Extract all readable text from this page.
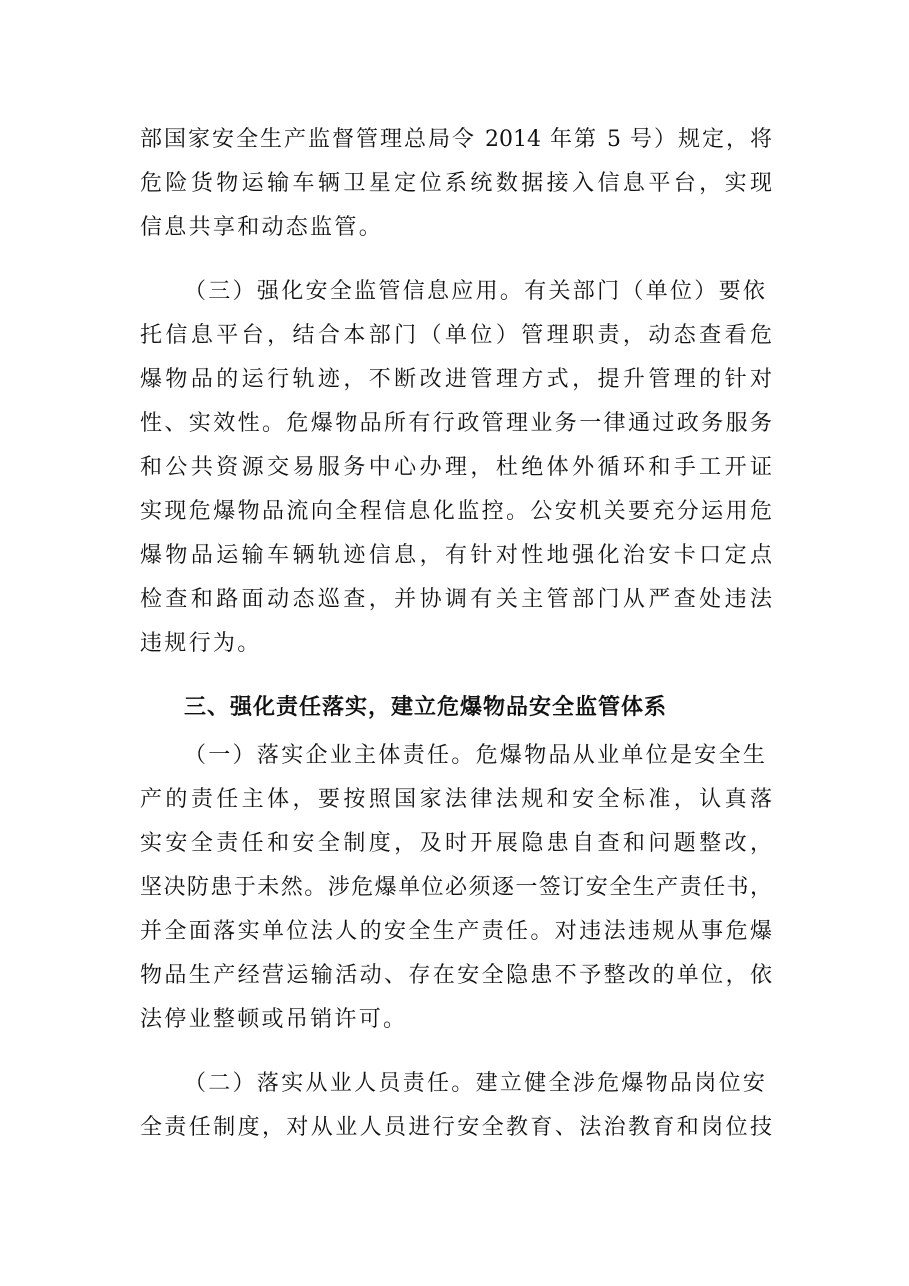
部国家安全生产监督管理总局令 2014 年第 5 号）规定，将
危险货物运输车辆卫星定位系统数据接入信息平台，实现
信息共享和动态监管。
（三）强化安全监管信息应用。有关部门（单位）要依
托信息平台，结合本部门（单位）管理职责，动态查看危
爆物品的运行轨迹，不断改进管理方式，提升管理的针对
性、实效性。危爆物品所有行政管理业务一律通过政务服务
和公共资源交易服务中心办理，杜绝体外循环和手工开证
实现危爆物品流向全程信息化监控。公安机关要充分运用危
爆物品运输车辆轨迹信息，有针对性地强化治安卡口定点
检查和路面动态巡查，并协调有关主管部门从严查处违法
违规行为。
三、强化责任落实，建立危爆物品安全监管体系
（一）落实企业主体责任。危爆物品从业单位是安全生
产的责任主体，要按照国家法律法规和安全标准，认真落
实安全责任和安全制度，及时开展隐患自查和问题整改，
坚决防患于未然。涉危爆单位必须逐一签订安全生产责任书，
并全面落实单位法人的安全生产责任。对违法违规从事危爆
物品生产经营运输活动、存在安全隐患不予整改的单位，依
法停业整顿或吊销许可。
（二）落实从业人员责任。建立健全涉危爆物品岗位安
全责任制度，对从业人员进行安全教育、法治教育和岗位技
